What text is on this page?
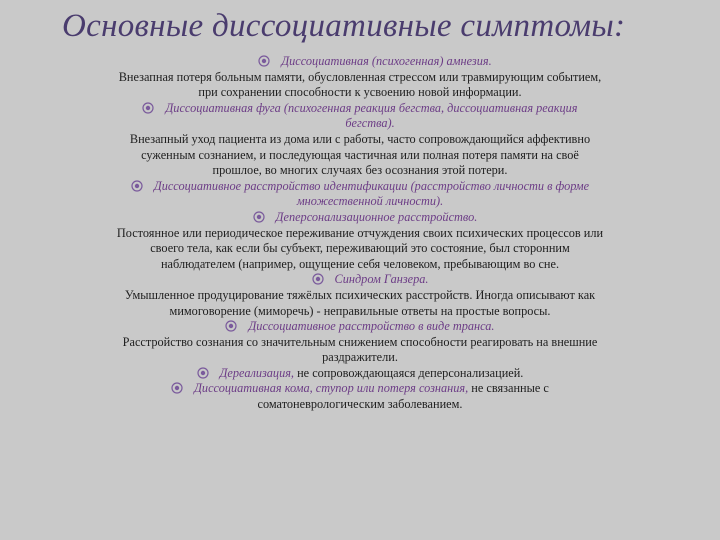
Основные диссоциативные симптомы:
Диссоциативная (психогенная) амнезия.
Внезапная потеря больным памяти, обусловленная стрессом или травмирующим событием,
при сохранении способности к усвоению новой информации.
Диссоциативная фуга (психогенная реакция бегства, диссоциативная реакция
бегства).
Внезапный уход пациента из дома или с работы, часто сопровождающийся аффективно
суженным сознанием, и последующая частичная или полная потеря памяти на своё
прошлое, во многих случаях без осознания этой потери.
Диссоциативное расстройство идентификации (расстройство личности в форме
множественной личности).
Деперсонализационное расстройство.
Постоянное или периодическое переживание отчуждения своих психических процессов или
своего тела, как если бы субъект, переживающий это состояние, был сторонним
наблюдателем (например, ощущение себя человеком, пребывающим во сне.
Синдром Ганзера.
Умышленное продуцирование тяжёлых психических расстройств. Иногда описывают как
мимоговорение (миморечь) - неправильные ответы на простые вопросы.
Диссоциативное расстройство в виде транса.
Расстройство сознания со значительным снижением способности реагировать на внешние
раздражители.
Дереализация, не сопровождающаяся деперсонализацией.
Диссоциативная кома, ступор или потеря сознания, не связанные с
соматоневрологическим заболеванием.
